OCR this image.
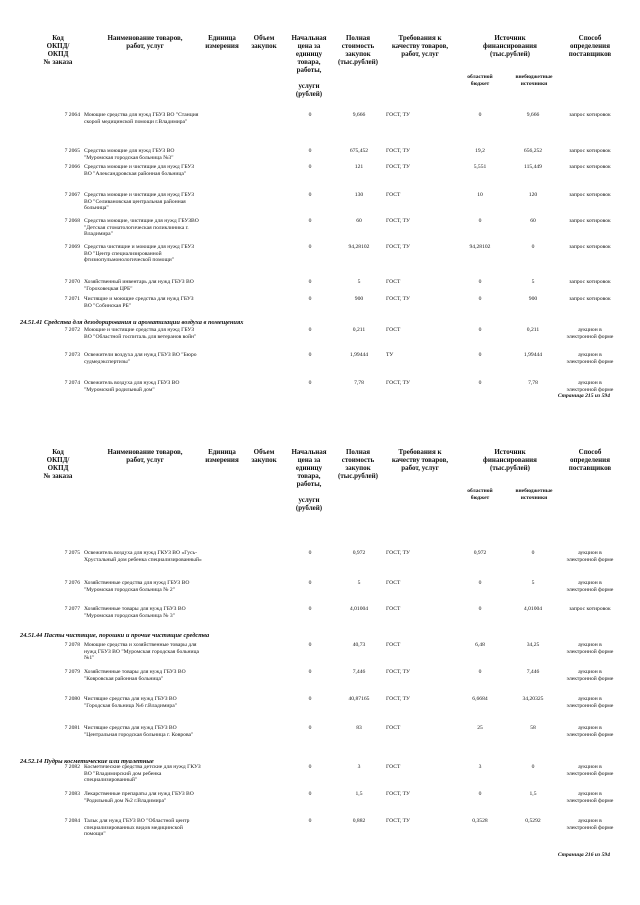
Код
ОКПД/
ОКПД
№ заказа
Наименование товаров,
работ, услуг
Единица
измерения
Объем
закупок
Начальная
цена за
единицу
товара,
работы,

услуги
(рублей)
Полная
стоимость
закупок
(тыс.рублей)
Требования к
качеству товаров,
работ, услуг
Источник
финансирования
(тыс.рублей)
областной
бюджет
внебюджетные
источники
Способ
определения
поставщиков
7 2064 Моющие средства для нужд ГБУЗ ВО "Станция скорой медицинской помощи г.Владимира"
0	9,666	ГОСТ, ТУ	0	9,666	запрос котировок
7 2065 Средства моющие для нужд ГБУЗ ВО "Муромская городская больница №3"
0	675,452	ГОСТ, ТУ	19,2	656,252	запрос котировок
7 2066 Средства моющие и чистящие для нужд ГБУЗ ВО "Александровская районная больница"
0	121	ГОСТ, ТУ	5,551	115,449	запрос котировок
7 2067 Средства моющие и чистящие для нужд ГБУЗ ВО "Селивановская центральная районная больница"
0	130	ГОСТ	10	120	запрос котировок
7 2068 Средства моющие, чистящие для нужд ГБУЗВО "Детская стоматологическая поликлиника г. Владимира"
0	60	ГОСТ, ТУ	0	60	запрос котировок
7 2069 Средства чистящие и моющие для нужд ГБУЗ ВО "Центр специализированной фтизиопульмонологической помощи"
0	94,28102	ГОСТ, ТУ	94,28102	0	запрос котировок
7 2070 Хозяйственный инвентарь для нужд ГБУЗ ВО "Гороховецкая ЦРБ"
0	5	ГОСТ	0	5	запрос котировок
7 2071 Чистящие и моющие средства для нужд ГБУЗ ВО "Собинская РБ"
0	900	ГОСТ, ТУ	0	900	запрос котировок
24.51.41 Средства для дезодорирования и ароматизации воздуха в помещениях
7 2072 Моющие и чистящие средства для нужд ГБУЗ ВО "Областной госпиталь для ветеранов войн"
0	0,211	ГОСТ	0	0,211	аукцион в электронной форме
7 2073 Освежители воздуха для нужд ГБУЗ ВО "Бюро судмедэкспертизы"
0	1,99444	ТУ	0	1,99444	аукцион в электронной форме
7 2074 Освежитель воздуха для нужд ГБУЗ ВО "Муромский родильный дом"
0	7,78	ГОСТ, ТУ	0	7,78	аукцион в электронной форме
Страница 215 из 594
Код
ОКПД/
ОКПД
№ заказа
Наименование товаров,
работ, услуг
Единица
измерения
Объем
закупок
Начальная
цена за
единицу
товара,
работы,

услуги
(рублей)
Полная
стоимость
закупок
(тыс.рублей)
Требования к
качеству товаров,
работ, услуг
Источник
финансирования
(тыс.рублей)
областной
бюджет
внебюджетные
источники
Способ
определения
поставщиков
7 2075 Освежитель воздуха для нужд ГКУЗ ВО «Гусь-Хрустальный дом ребенка специализированный»
0	0,972	ГОСТ, ТУ	0,972	0	аукцион в электронной форме
7 2076 Хозяйственные средства для нужд ГБУЗ ВО "Муромская городская больница № 2"
0	5	ГОСТ	0	5	аукцион в электронной форме
7 2077 Хозяйственные товары для нужд ГБУЗ ВО "Муромская городская больница № 3"
0	4,01004	ГОСТ	0	4,01004	запрос котировок
24.51.44 Пасты чистящие, порошки и прочие чистящие средства
7 2078 Моющие средства и хозяйственные товары для нужд ГБУЗ ВО "Муромская городская больница №1"
0	40,73	ГОСТ	6,48	34,25	аукцион в электронной форме
7 2079 Хозяйственные товары для нужд ГБУЗ ВО "Ковровская районная больница"
0	7,446	ГОСТ, ТУ	0	7,446	аукцион в электронной форме
7 2080 Чистящие средства для нужд ГБУЗ ВО "Городская больница №6 г.Владимира"
0	40,87165	ГОСТ, ТУ	6,6684	34,20325	аукцион в электронной форме
7 2081 Чистящие средства для нужд ГБУЗ ВО "Центральная городская больница г. Коврова"
0	83	ГОСТ	25	58	аукцион в электронной форме
24.52.14 Пудры косметические или туалетные
7 2082 Косметические средства детские для нужд ГКУЗ ВО "Владимирский дом ребенка специализированный"
0	3	ГОСТ	3	0	аукцион в электронной форме
7 2083 Лекарственные препараты для нужд ГБУЗ ВО "Родильный дом №2 г.Владимира"
0	1,5	ГОСТ, ТУ	0	1,5	аукцион в электронной форме
7 2084 Тальк для нужд ГБУЗ ВО "Областной центр специализированных видов медицинской помощи"
0	0,882	ГОСТ, ТУ	0,3528	0,5292	аукцион в электронной форме
Страница 216 из 594
